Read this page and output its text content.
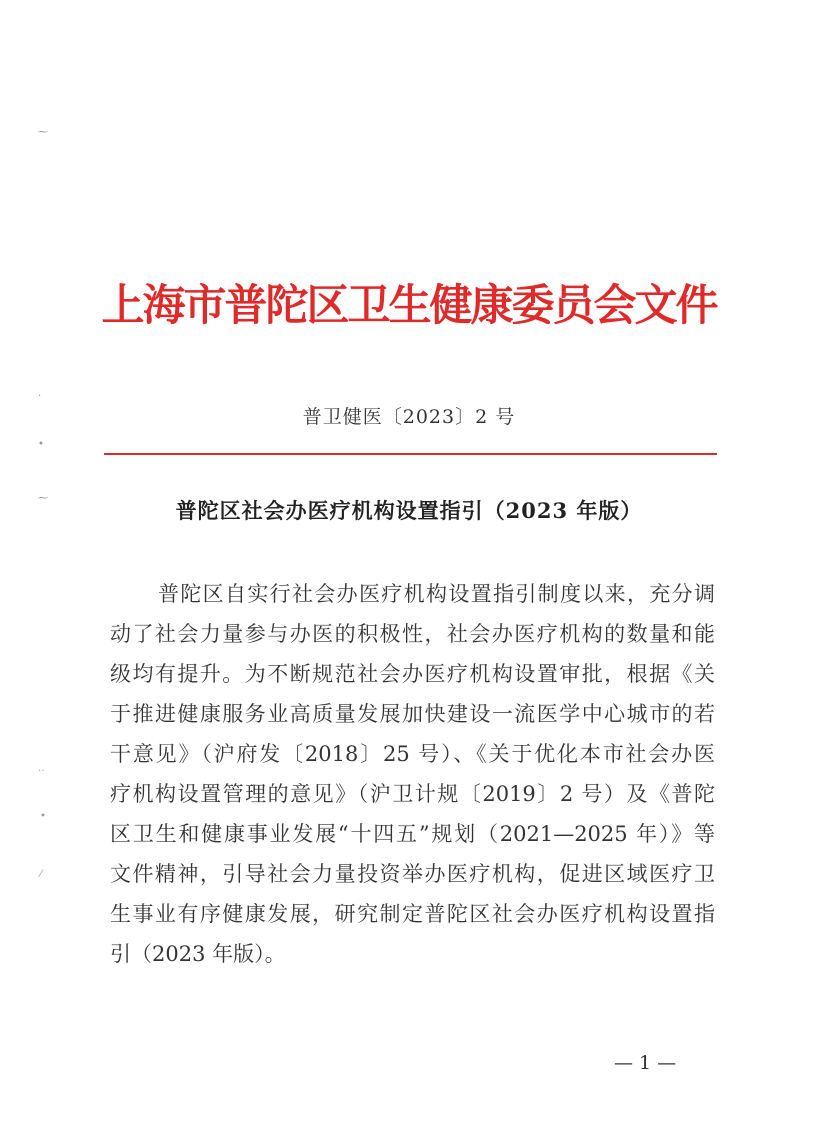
⁓
·
•
⁓
‥
•
⁄
上海市普陀区卫生健康委员会文件
普卫健医〔2023〕2 号
普陀区社会办医疗机构设置指引（2023 年版）
普陀区自实行社会办医疗机构设置指引制度以来，充分调
动了社会力量参与办医的积极性，社会办医疗机构的数量和能
级均有提升。为不断规范社会办医疗机构设置审批，根据《关
于推进健康服务业高质量发展加快建设一流医学中心城市的若
干意见》（沪府发〔2018〕25 号）、《关于优化本市社会办医
疗机构设置管理的意见》（沪卫计规〔2019〕2 号）及《普陀
区卫生和健康事业发展“十四五”规划（2021—2025 年）》等
文件精神，引导社会力量投资举办医疗机构，促进区域医疗卫
生事业有序健康发展，研究制定普陀区社会办医疗机构设置指
引（2023 年版）。
— 1 —
